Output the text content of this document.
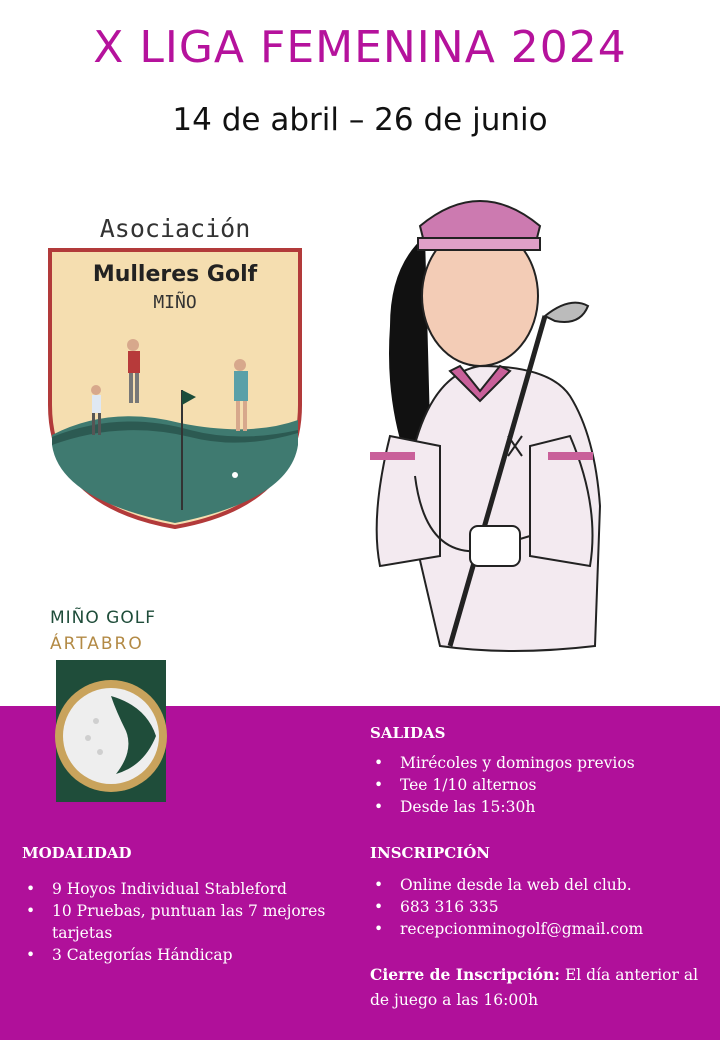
X LIGA FEMENINA 2024
14 de abril – 26 de junio
Asociación
Mulleres Golf
MIÑO
MIÑO GOLF
ÁRTABRO
SALIDAS
• Mirécoles y domingos previos
• Tee 1/10 alternos
• Desde las 15:30h
MODALIDAD
• 9 Hoyos Individual Stableford
• 10 Pruebas, puntuan las 7 mejores tarjetas
• 3 Categorías Hándicap
INSCRIPCIÓN
• Online desde la web del club.
• 683 316 335
• recepcionminogolf@gmail.com
Cierre de Inscripción: El día anterior al de juego a las 16:00h
